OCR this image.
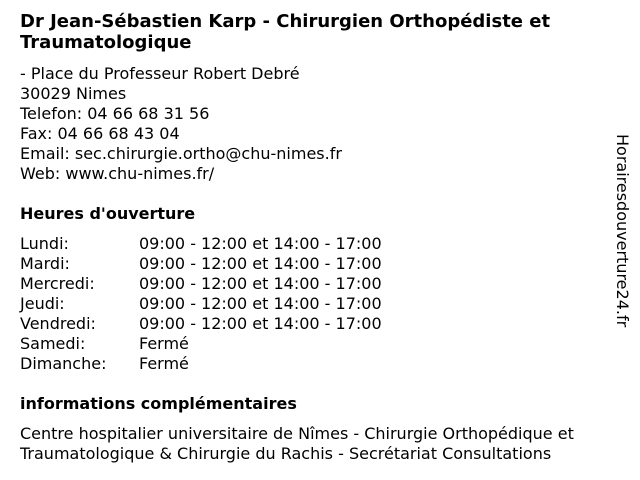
Dr Jean-Sébastien Karp - Chirurgien Orthopédiste et Traumatologique
- Place du Professeur Robert Debré
30029 Nimes
Telefon: 04 66 68 31 56
Fax: 04 66 68 43 04
Email: sec.chirurgie.ortho@chu-nimes.fr
Web: www.chu-nimes.fr/
Heures d'ouverture
Lundi:	09:00 - 12:00 et 14:00 - 17:00
Mardi:	09:00 - 12:00 et 14:00 - 17:00
Mercredi:	09:00 - 12:00 et 14:00 - 17:00
Jeudi:	09:00 - 12:00 et 14:00 - 17:00
Vendredi:	09:00 - 12:00 et 14:00 - 17:00
Samedi:	Fermé
Dimanche:	Fermé
informations complémentaires
Centre hospitalier universitaire de Nîmes - Chirurgie Orthopédique et Traumatologique & Chirurgie du Rachis - Secrétariat Consultations
Horairesdouverture24.fr
